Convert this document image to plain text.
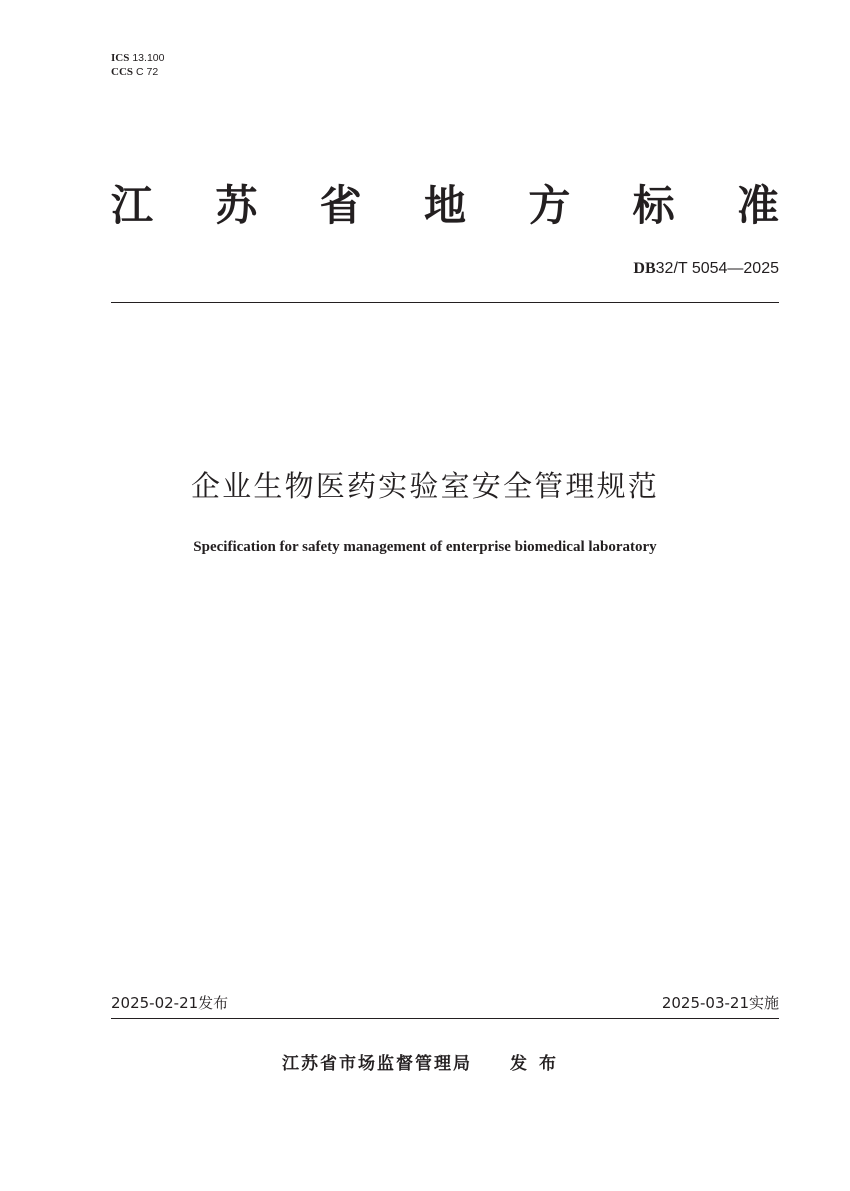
ICS 13.100
CCS C 72
江 苏 省 地 方 标 准
DB32/T 5054—2025
企业生物医药实验室安全管理规范
Specification for safety management of enterprise biomedical laboratory
2025-02-21发布	2025-03-21实施
江苏省市场监督管理局 发布
